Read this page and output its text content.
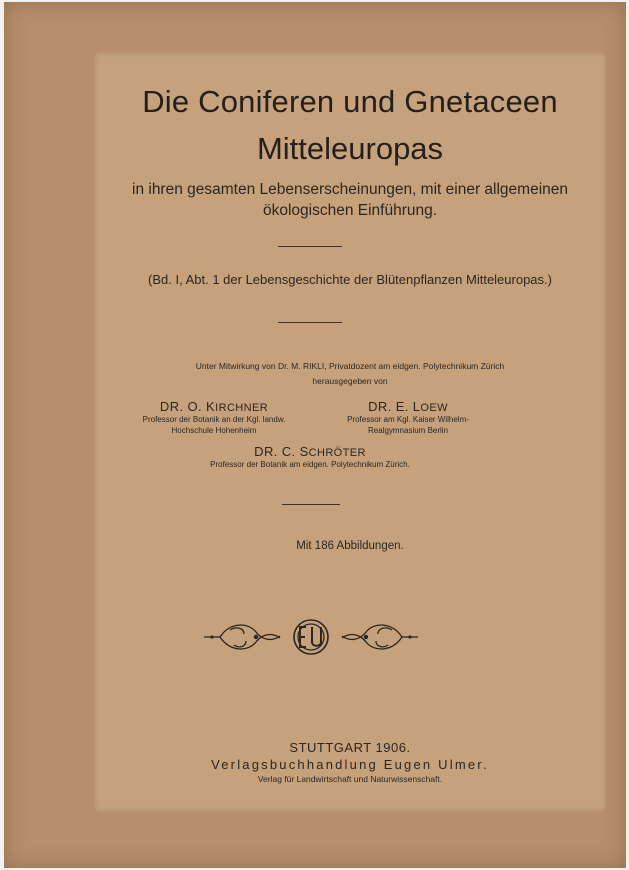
Die Coniferen und Gnetaceen
Mitteleuropas
in ihren gesamten Lebenserscheinungen, mit einer allgemeinen
ökologischen Einführung.
(Bd. I, Abt. 1 der Lebensgeschichte der Blütenpflanzen Mitteleuropas.)
Unter Mitwirkung von Dr. M. RIKLI, Privatdozent am eidgen. Polytechnikum Zürich
herausgegeben von
DR. O. KIRCHNER
Professor der Botanik an der Kgl. landw.
Hochschule Hohenheim
DR. E. LOEW
Professor am Kgl. Kaiser Wilhelm-
Realgymnasium Berlin
DR. C. SCHRÖTER
Professor der Botanik am eidgen. Polytechnikum Zürich.
Mit 186 Abbildungen.
STUTTGART 1906.
Verlagsbuchhandlung Eugen Ulmer.
Verlag für Landwirtschaft und Naturwissenschaft.
